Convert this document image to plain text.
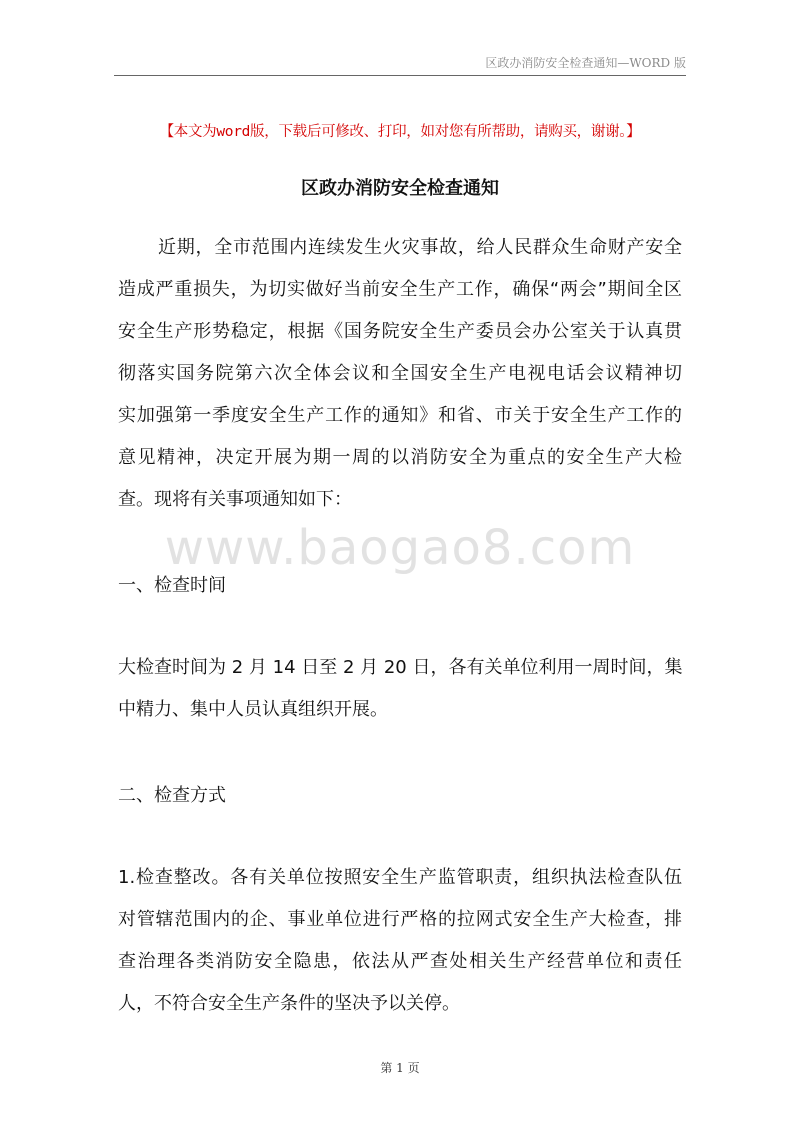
区政办消防安全检查通知—WORD 版
【本文为word版，下载后可修改、打印，如对您有所帮助，请购买，谢谢。】
区政办消防安全检查通知
近期，全市范围内连续发生火灾事故，给人民群众生命财产安全
造成严重损失，为切实做好当前安全生产工作，确保“两会”期间全区
安全生产形势稳定，根据《国务院安全生产委员会办公室关于认真贯
彻落实国务院第六次全体会议和全国安全生产电视电话会议精神切
实加强第一季度安全生产工作的通知》和省、市关于安全生产工作的
意见精神，决定开展为期一周的以消防安全为重点的安全生产大检
查。现将有关事项通知如下：
www.baogao8.com
一、检查时间
大检查时间为 2 月 14 日至 2 月 20 日，各有关单位利用一周时间，集
中精力、集中人员认真组织开展。
二、检查方式
1.检查整改。各有关单位按照安全生产监管职责，组织执法检查队伍
对管辖范围内的企、事业单位进行严格的拉网式安全生产大检查，排
查治理各类消防安全隐患，依法从严查处相关生产经营单位和责任
人，不符合安全生产条件的坚决予以关停。
第 1 页
